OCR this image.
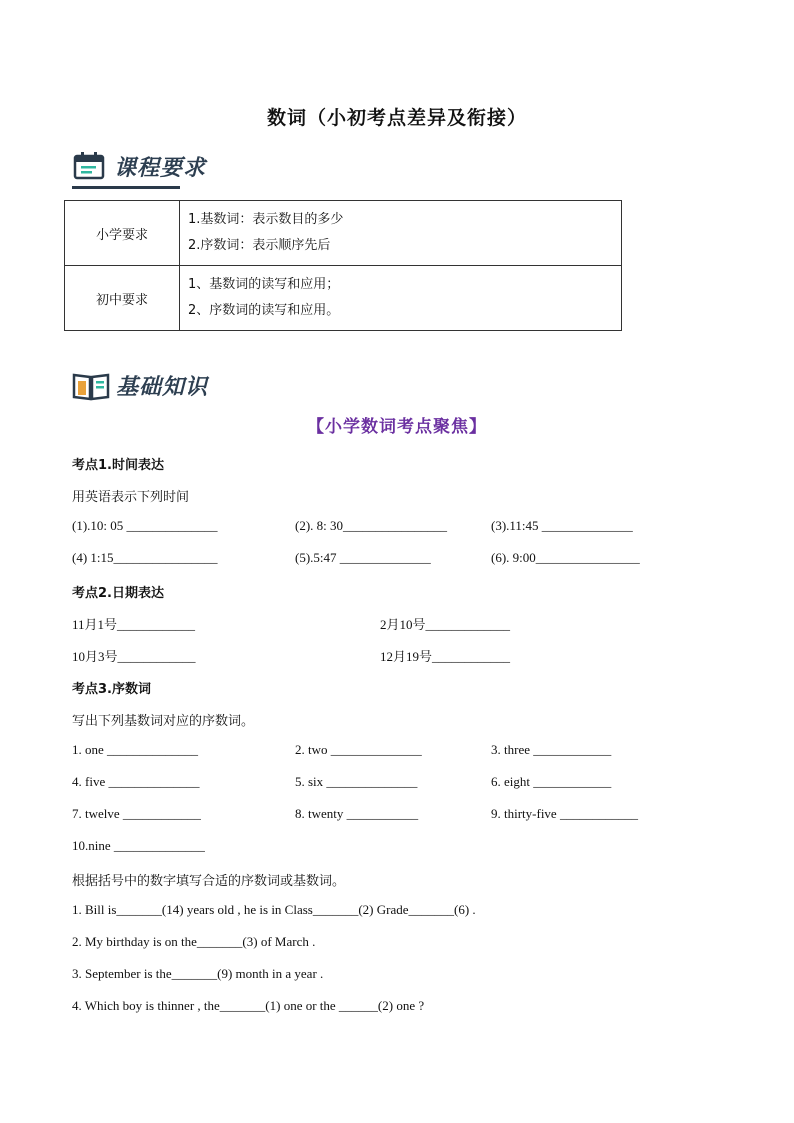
数词（小初考点差异及衔接）
课程要求
小学要求	1.基数词：表示数目的多少
2.序数词：表示顺序先后

初中要求	1、基数词的读写和应用；
2、序数词的读写和应用。
基础知识
【小学数词考点聚焦】
考点1.时间表达
用英语表示下列时间
(1).10: 05 ______________	(2). 8: 30________________	(3).11:45 ______________
(4) 1:15________________	(5).5:47 ______________	(6). 9:00________________
考点2.日期表达
11月1号____________	2月10号_____________
10月3号____________	12月19号____________
考点3.序数词
写出下列基数词对应的序数词。
1. one ______________	2. two ______________	3. three ____________
4. five ______________	5. six ______________	6. eight ____________
7. twelve ____________	8. twenty ___________	9. thirty-five ____________
10.nine ______________
根据括号中的数字填写合适的序数词或基数词。
1. Bill is_______(14) years old , he is in Class_______(2) Grade_______(6) .
2. My birthday is on the_______(3) of March .
3. September is the_______(9) month in a year .
4. Which boy is thinner , the_______(1) one or the ______(2) one ?
